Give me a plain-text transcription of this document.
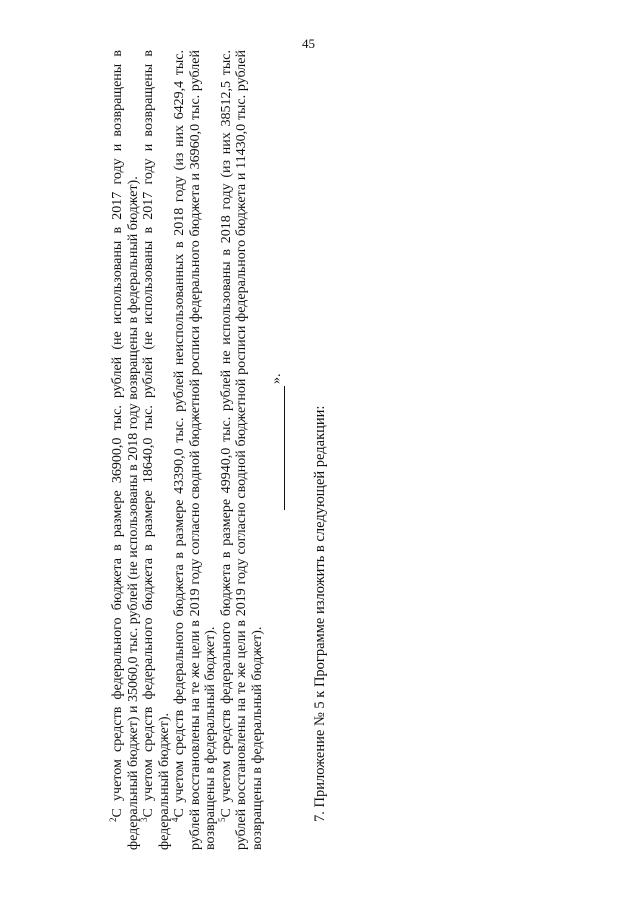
45

$^2$С учетом средств федерального бюджета в размере 36900,0 тыс. рублей (не использованы в 2017 году и возвращены в федеральный бюджет) и 35060,0 тыс. рублей (не использованы в 2018 году возвращены в федеральный бюджет).

$^3$С учетом средств федерального бюджета в размере 18640,0 тыс. рублей (не использованы в 2017 году и возвращены в федеральный бюджет).

$^4$С учетом средств федерального бюджета в размере 43390,0 тыс. рублей неиспользованных в 2018 году (из них 6429,4 тыс. рублей восстановлены на те же цели в 2019 году согласно сводной бюджетной росписи федерального бюджета и 36960,0 тыс. рублей возвращены в федеральный бюджет).

$^5$С учетом средств федерального бюджета в размере 49940,0 тыс. рублей не использованы в 2018 году (из них 38512,5 тыс. рублей восстановлены на те же цели в 2019 году согласно сводной бюджетной росписи федерального бюджета и 11430,0 тыс. рублей возвращены в федеральный бюджет).

».

7. Приложение № 5 к Программе изложить в следующей редакции:
